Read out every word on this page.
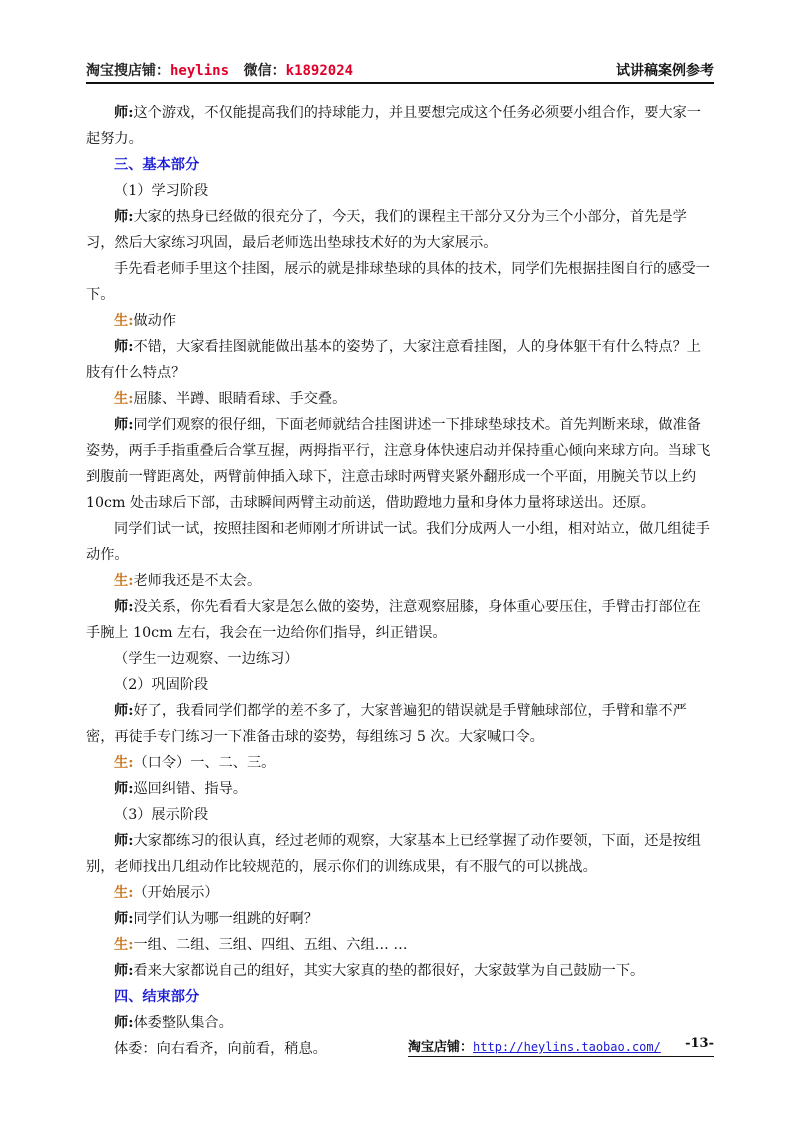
淘宝搜店铺：heylins 微信：k1892024	试讲稿案例参考

师:这个游戏，不仅能提高我们的持球能力，并且要想完成这个任务必须要小组合作，要大家一起努力。

三、基本部分

（1）学习阶段

师:大家的热身已经做的很充分了，今天，我们的课程主干部分又分为三个小部分，首先是学习，然后大家练习巩固，最后老师选出垫球技术好的为大家展示。

手先看老师手里这个挂图，展示的就是排球垫球的具体的技术，同学们先根据挂图自行的感受一下。

生:做动作

师:不错，大家看挂图就能做出基本的姿势了，大家注意看挂图，人的身体躯干有什么特点？上肢有什么特点？

生:屈膝、半蹲、眼睛看球、手交叠。

师:同学们观察的很仔细，下面老师就结合挂图讲述一下排球垫球技术。首先判断来球，做准备姿势，两手手指重叠后合掌互握，两拇指平行，注意身体快速启动并保持重心倾向来球方向。当球飞到腹前一臂距离处，两臂前伸插入球下，注意击球时两臂夹紧外翻形成一个平面，用腕关节以上约 10cm 处击球后下部，击球瞬间两臂主动前送，借助蹬地力量和身体力量将球送出。还原。

同学们试一试，按照挂图和老师刚才所讲试一试。我们分成两人一小组，相对站立，做几组徒手动作。

生:老师我还是不太会。

师:没关系，你先看看大家是怎么做的姿势，注意观察屈膝，身体重心要压住，手臂击打部位在手腕上 10cm 左右，我会在一边给你们指导，纠正错误。

（学生一边观察、一边练习）

（2）巩固阶段

师:好了，我看同学们都学的差不多了，大家普遍犯的错误就是手臂触球部位，手臂和靠不严密，再徒手专门练习一下准备击球的姿势，每组练习 5 次。大家喊口令。

生:（口令）一、二、三。

师:巡回纠错、指导。

（3）展示阶段

师:大家都练习的很认真，经过老师的观察，大家基本上已经掌握了动作要领，下面，还是按组别，老师找出几组动作比较规范的，展示你们的训练成果，有不服气的可以挑战。

生:（开始展示）

师:同学们认为哪一组跳的好啊？

生:一组、二组、三组、四组、五组、六组… …

师:看来大家都说自己的组好，其实大家真的垫的都很好，大家鼓掌为自己鼓励一下。

四、结束部分

师:体委整队集合。

体委：向右看齐，向前看，稍息。	淘宝店铺：http://heylins.taobao.com/ -13-
